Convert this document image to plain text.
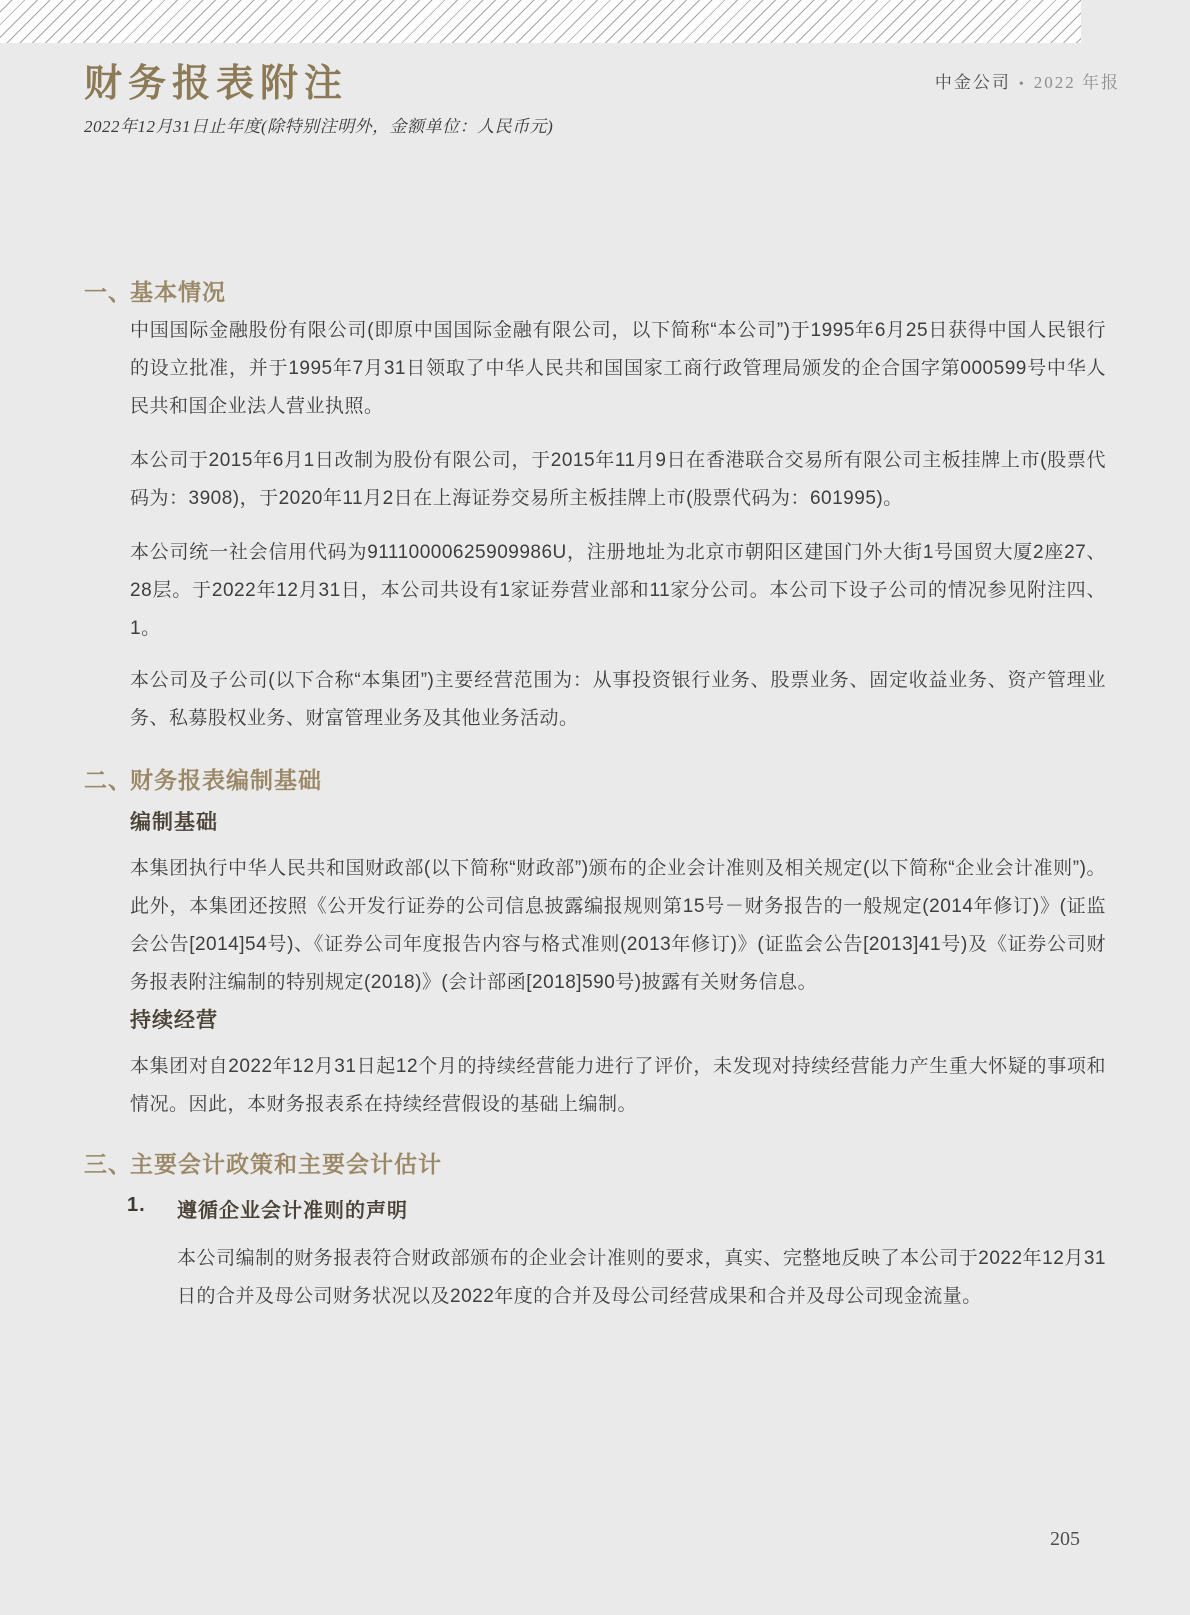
中金公司 • 2022 年报
财务报表附注
2022年12月31日止年度(除特别注明外，金额单位：人民币元)
一、
基本情况

中国国际金融股份有限公司(即原中国国际金融有限公司，以下简称“本公司”)于1995年6月25日获得中国人民银行的设立批准，并于1995年7月31日领取了中华人民共和国国家工商行政管理局颁发的企合国字第000599号中华人民共和国企业法人营业执照。

本公司于2015年6月1日改制为股份有限公司，于2015年11月9日在香港联合交易所有限公司主板挂牌上市(股票代码为：3908)，于2020年11月2日在上海证券交易所主板挂牌上市(股票代码为：601995)。

本公司统一社会信用代码为91110000625909986U，注册地址为北京市朝阳区建国门外大街1号国贸大厦2座27、28层。于2022年12月31日，本公司共设有1家证券营业部和11家分公司。本公司下设子公司的情况参见附注四、1。

本公司及子公司(以下合称“本集团”)主要经营范围为：从事投资银行业务、股票业务、固定收益业务、资产管理业务、私募股权业务、财富管理业务及其他业务活动。

二、
财务报表编制基础
编制基础

本集团执行中华人民共和国财政部(以下简称“财政部”)颁布的企业会计准则及相关规定(以下简称“企业会计准则”)。此外，本集团还按照《公开发行证券的公司信息披露编报规则第15号－财务报告的一般规定(2014年修订)》(证监会公告[2014]54号)、《证券公司年度报告内容与格式准则(2013年修订)》(证监会公告[2013]41号)及《证券公司财务报表附注编制的特别规定(2018)》(会计部函[2018]590号)披露有关财务信息。

持续经营

本集团对自2022年12月31日起12个月的持续经营能力进行了评价，未发现对持续经营能力产生重大怀疑的事项和情况。因此，本财务报表系在持续经营假设的基础上编制。

三、
主要会计政策和主要会计估计
1.	遵循企业会计准则的声明

本公司编制的财务报表符合财政部颁布的企业会计准则的要求，真实、完整地反映了本公司于2022年12月31日的合并及母公司财务状况以及2022年度的合并及母公司经营成果和合并及母公司现金流量。

205
